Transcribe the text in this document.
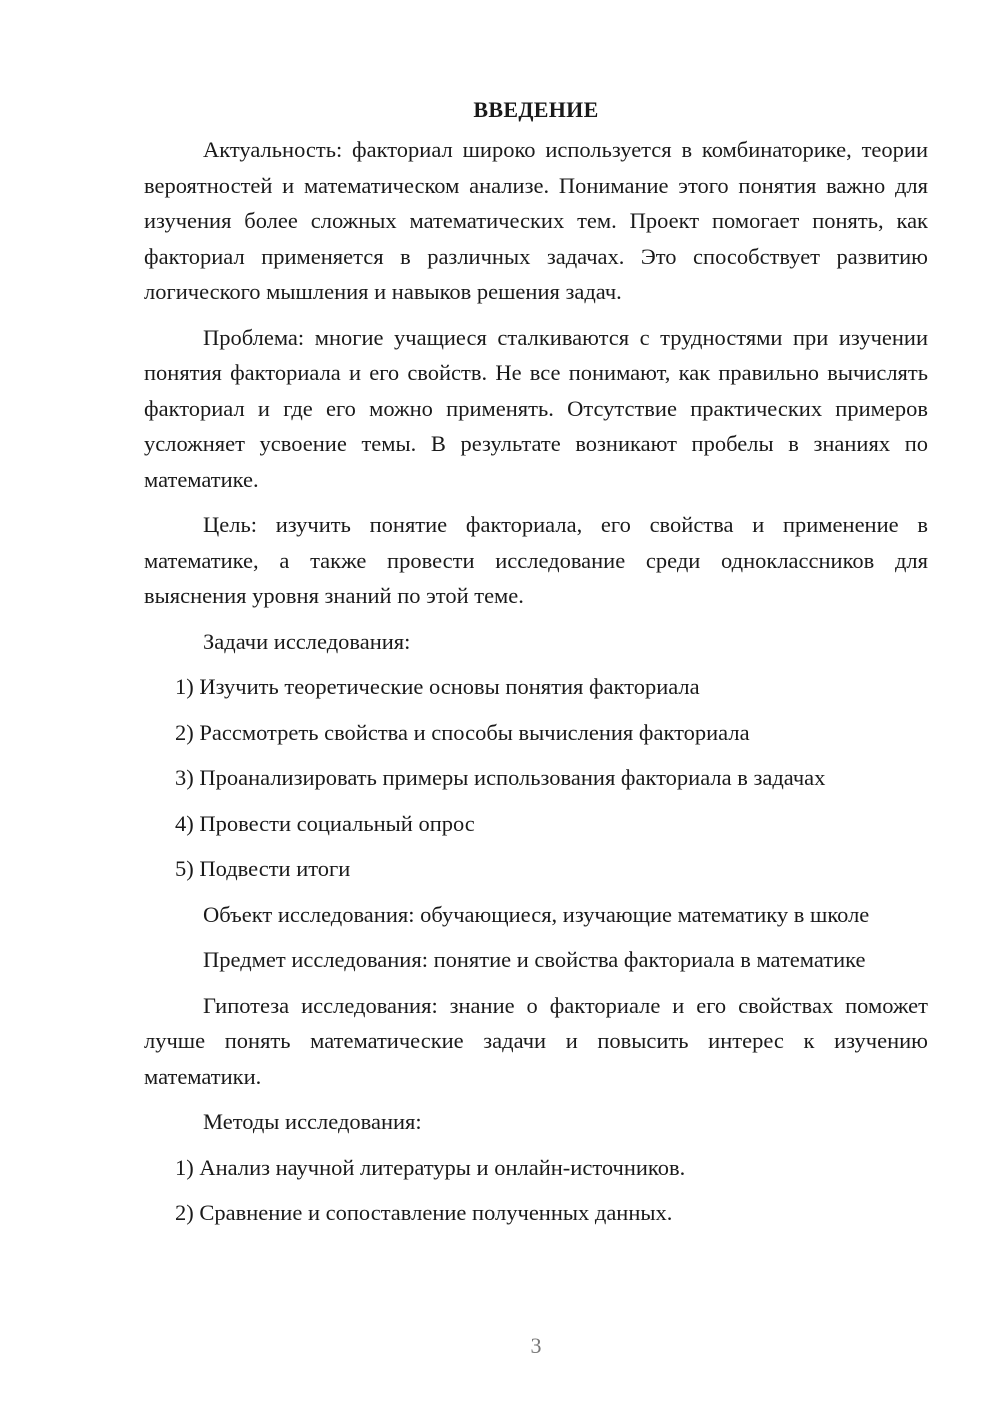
ВВЕДЕНИЕ

Актуальность: факториал широко используется в комбинаторике, теории вероятностей и математическом анализе. Понимание этого понятия важно для изучения более сложных математических тем. Проект помогает понять, как факториал применяется в различных задачах. Это способствует развитию логического мышления и навыков решения задач.

Проблема: многие учащиеся сталкиваются с трудностями при изучении понятия факториала и его свойств. Не все понимают, как правильно вычислять факториал и где его можно применять. Отсутствие практических примеров усложняет усвоение темы. В результате возникают пробелы в знаниях по математике.

Цель: изучить понятие факториала, его свойства и применение в математике, а также провести исследование среди одноклассников для выяснения уровня знаний по этой теме.

Задачи исследования:

1) Изучить теоретические основы понятия факториала
2) Рассмотреть свойства и способы вычисления факториала
3) Проанализировать примеры использования факториала в задачах
4) Провести социальный опрос
5) Подвести итоги

Объект исследования: обучающиеся, изучающие математику в школе

Предмет исследования: понятие и свойства факториала в математике

Гипотеза исследования: знание о факториале и его свойствах поможет лучше понять математические задачи и повысить интерес к изучению математики.

Методы исследования:

1) Анализ научной литературы и онлайн-источников.
2) Сравнение и сопоставление полученных данных.
3
